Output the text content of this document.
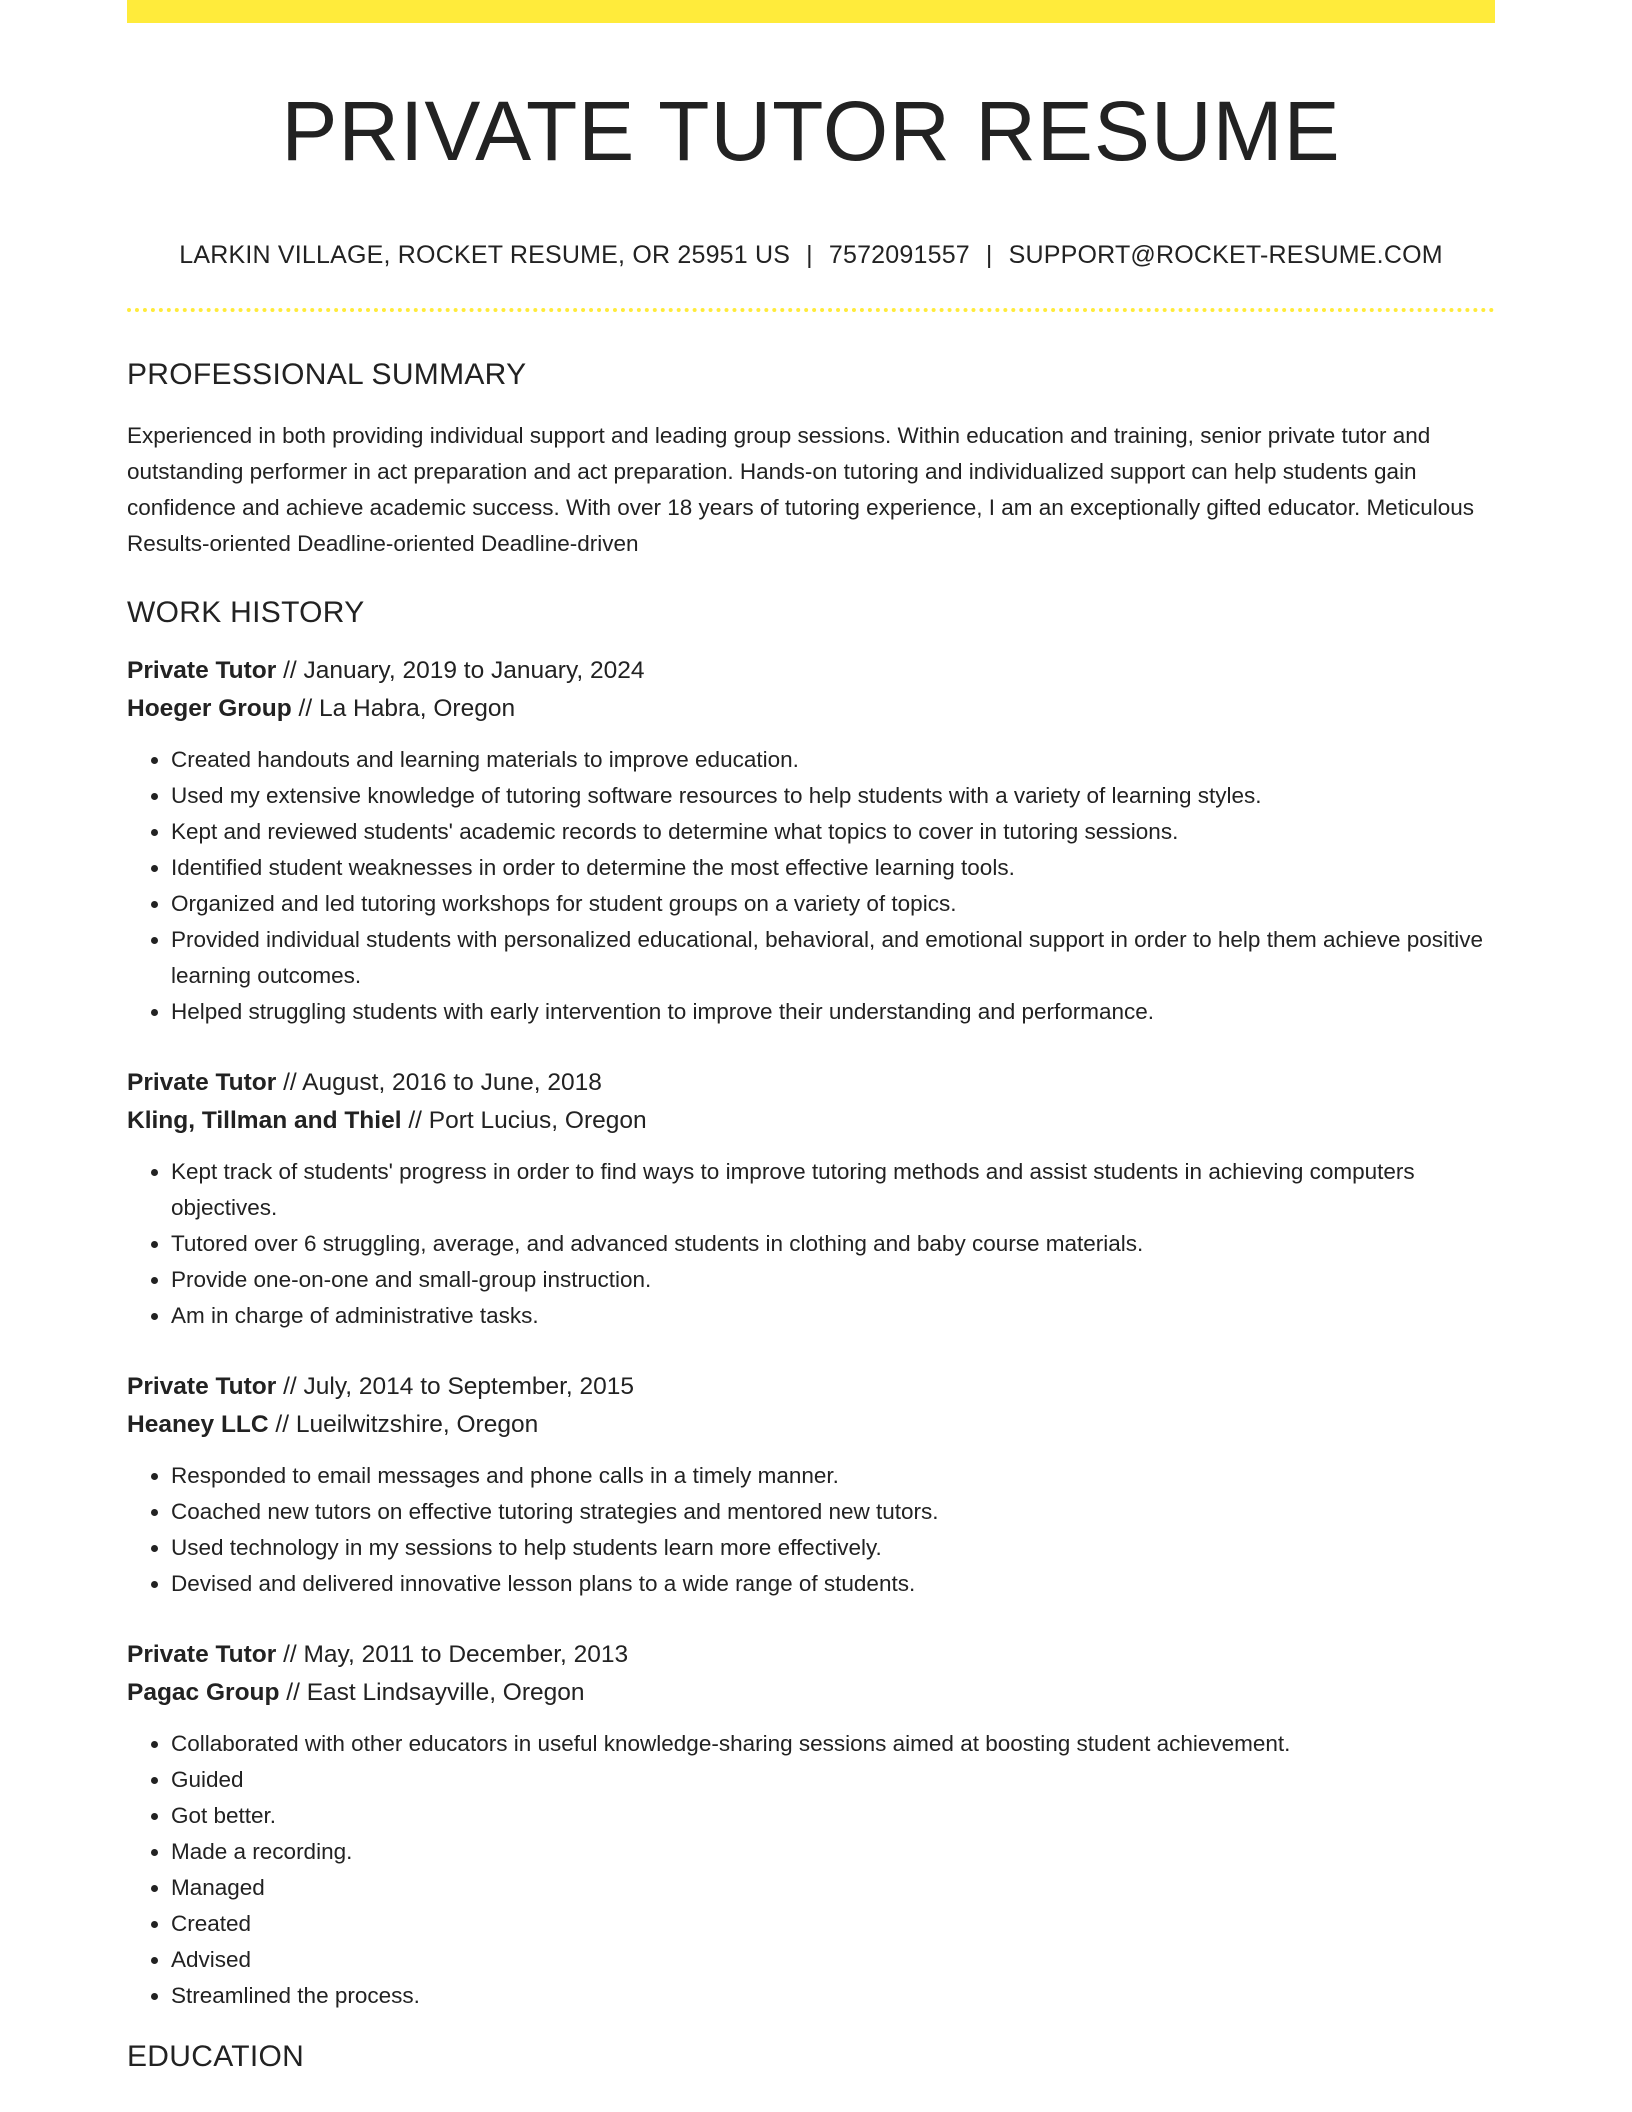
PRIVATE TUTOR RESUME
LARKIN VILLAGE, ROCKET RESUME, OR 25951 US | 7572091557 | SUPPORT@ROCKET-RESUME.COM
PROFESSIONAL SUMMARY
Experienced in both providing individual support and leading group sessions. Within education and training, senior private tutor and outstanding performer in act preparation and act preparation. Hands-on tutoring and individualized support can help students gain confidence and achieve academic success. With over 18 years of tutoring experience, I am an exceptionally gifted educator. Meticulous Results-oriented Deadline-oriented Deadline-driven
WORK HISTORY
Private Tutor // January, 2019 to January, 2024
Hoeger Group // La Habra, Oregon
• Created handouts and learning materials to improve education.
• Used my extensive knowledge of tutoring software resources to help students with a variety of learning styles.
• Kept and reviewed students' academic records to determine what topics to cover in tutoring sessions.
• Identified student weaknesses in order to determine the most effective learning tools.
• Organized and led tutoring workshops for student groups on a variety of topics.
• Provided individual students with personalized educational, behavioral, and emotional support in order to help them achieve positive learning outcomes.
• Helped struggling students with early intervention to improve their understanding and performance.
Private Tutor // August, 2016 to June, 2018
Kling, Tillman and Thiel // Port Lucius, Oregon
• Kept track of students' progress in order to find ways to improve tutoring methods and assist students in achieving computers objectives.
• Tutored over 6 struggling, average, and advanced students in clothing and baby course materials.
• Provide one-on-one and small-group instruction.
• Am in charge of administrative tasks.
Private Tutor // July, 2014 to September, 2015
Heaney LLC // Lueilwitzshire, Oregon
• Responded to email messages and phone calls in a timely manner.
• Coached new tutors on effective tutoring strategies and mentored new tutors.
• Used technology in my sessions to help students learn more effectively.
• Devised and delivered innovative lesson plans to a wide range of students.
Private Tutor // May, 2011 to December, 2013
Pagac Group // East Lindsayville, Oregon
• Collaborated with other educators in useful knowledge-sharing sessions aimed at boosting student achievement.
• Guided
• Got better.
• Made a recording.
• Managed
• Created
• Advised
• Streamlined the process.
EDUCATION
